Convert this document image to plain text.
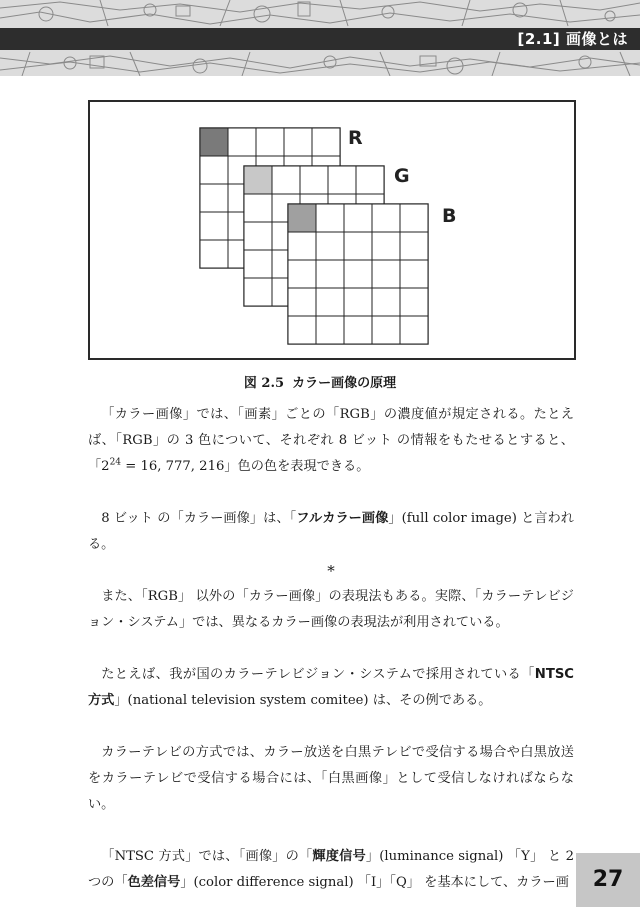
[2.1] 画像とは
R
G
B
図 2.5 カラー画像の原理

「カラー画像」では、「画素」ごとの「RGB」の濃度値が規定される。たとえば、「RGB」の 3 色について、それぞれ 8 ビット の情報をもたせるとすると、「$2^{24} = 16$, 777, 216」色の色を表現できる。

8 ビット の「カラー画像」は、「フルカラー画像」(full color image) と言われる。

*

また、「RGB」 以外の「カラー画像」の表現法もある。実際、「カラーテレビジョン・システム」では、異なるカラー画像の表現法が利用されている。

たとえば、我が国のカラーテレビジョン・システムで採用されている「NTSC 方式」(national television system comitee) は、その例である。

カラーテレビの方式では、カラー放送を白黒テレビで受信する場合や白黒放送をカラーテレビで受信する場合には、「白黒画像」として受信しなければならない。

「NTSC 方式」では、「画像」の「輝度信号」(luminance signal) 「Y」 と 2 つの「色差信号」(color difference signal) 「I」「Q」 を基本にして、カラー画	27
